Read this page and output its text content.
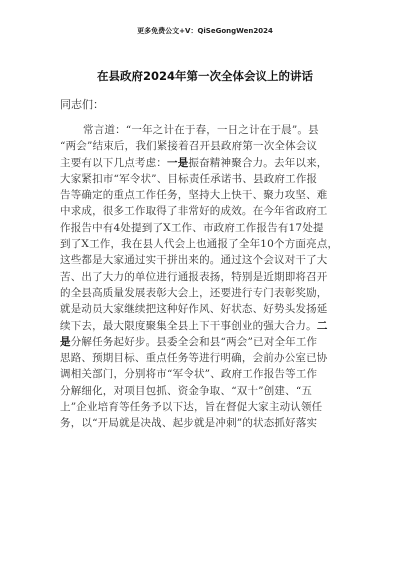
更多免费公文+V：QiSeGongWen2024
在县政府2024年第一次全体会议上的讲话
同志们：
常言道：“一年之计在于春，一日之计在于晨”。县
“两会”结束后，我们紧接着召开县政府第一次全体会议
主要有以下几点考虑：一是振奋精神聚合力。去年以来，
大家紧扣市“军令状”、目标责任承诺书、县政府工作报
告等确定的重点工作任务，坚持大上快干、聚力攻坚、难
中求成，很多工作取得了非常好的成效。在今年省政府工
作报告中有4处提到了X工作、市政府工作报告有17处提
到了X工作，我在县人代会上也通报了全年10个方面亮点，
这些都是大家通过实干拼出来的。通过这个会议对干了大
苦、出了大力的单位进行通报表扬，特别是近期即将召开
的全县高质量发展表彰大会上，还要进行专门表彰奖励，
就是动员大家继续把这种好作风、好状态、好势头发扬延
续下去，最大限度聚集全县上下干事创业的强大合力。二
是分解任务起好步。县委全会和县“两会”已对全年工作
思路、预期目标、重点任务等进行明确，会前办公室已协
调相关部门，分别将市“军令状”、政府工作报告等工作
分解细化，对项目包抓、资金争取、“双十”创建、“五
上”企业培育等任务予以下达，旨在督促大家主动认领任
务，以“开局就是决战、起步就是冲刺”的状态抓好落实
